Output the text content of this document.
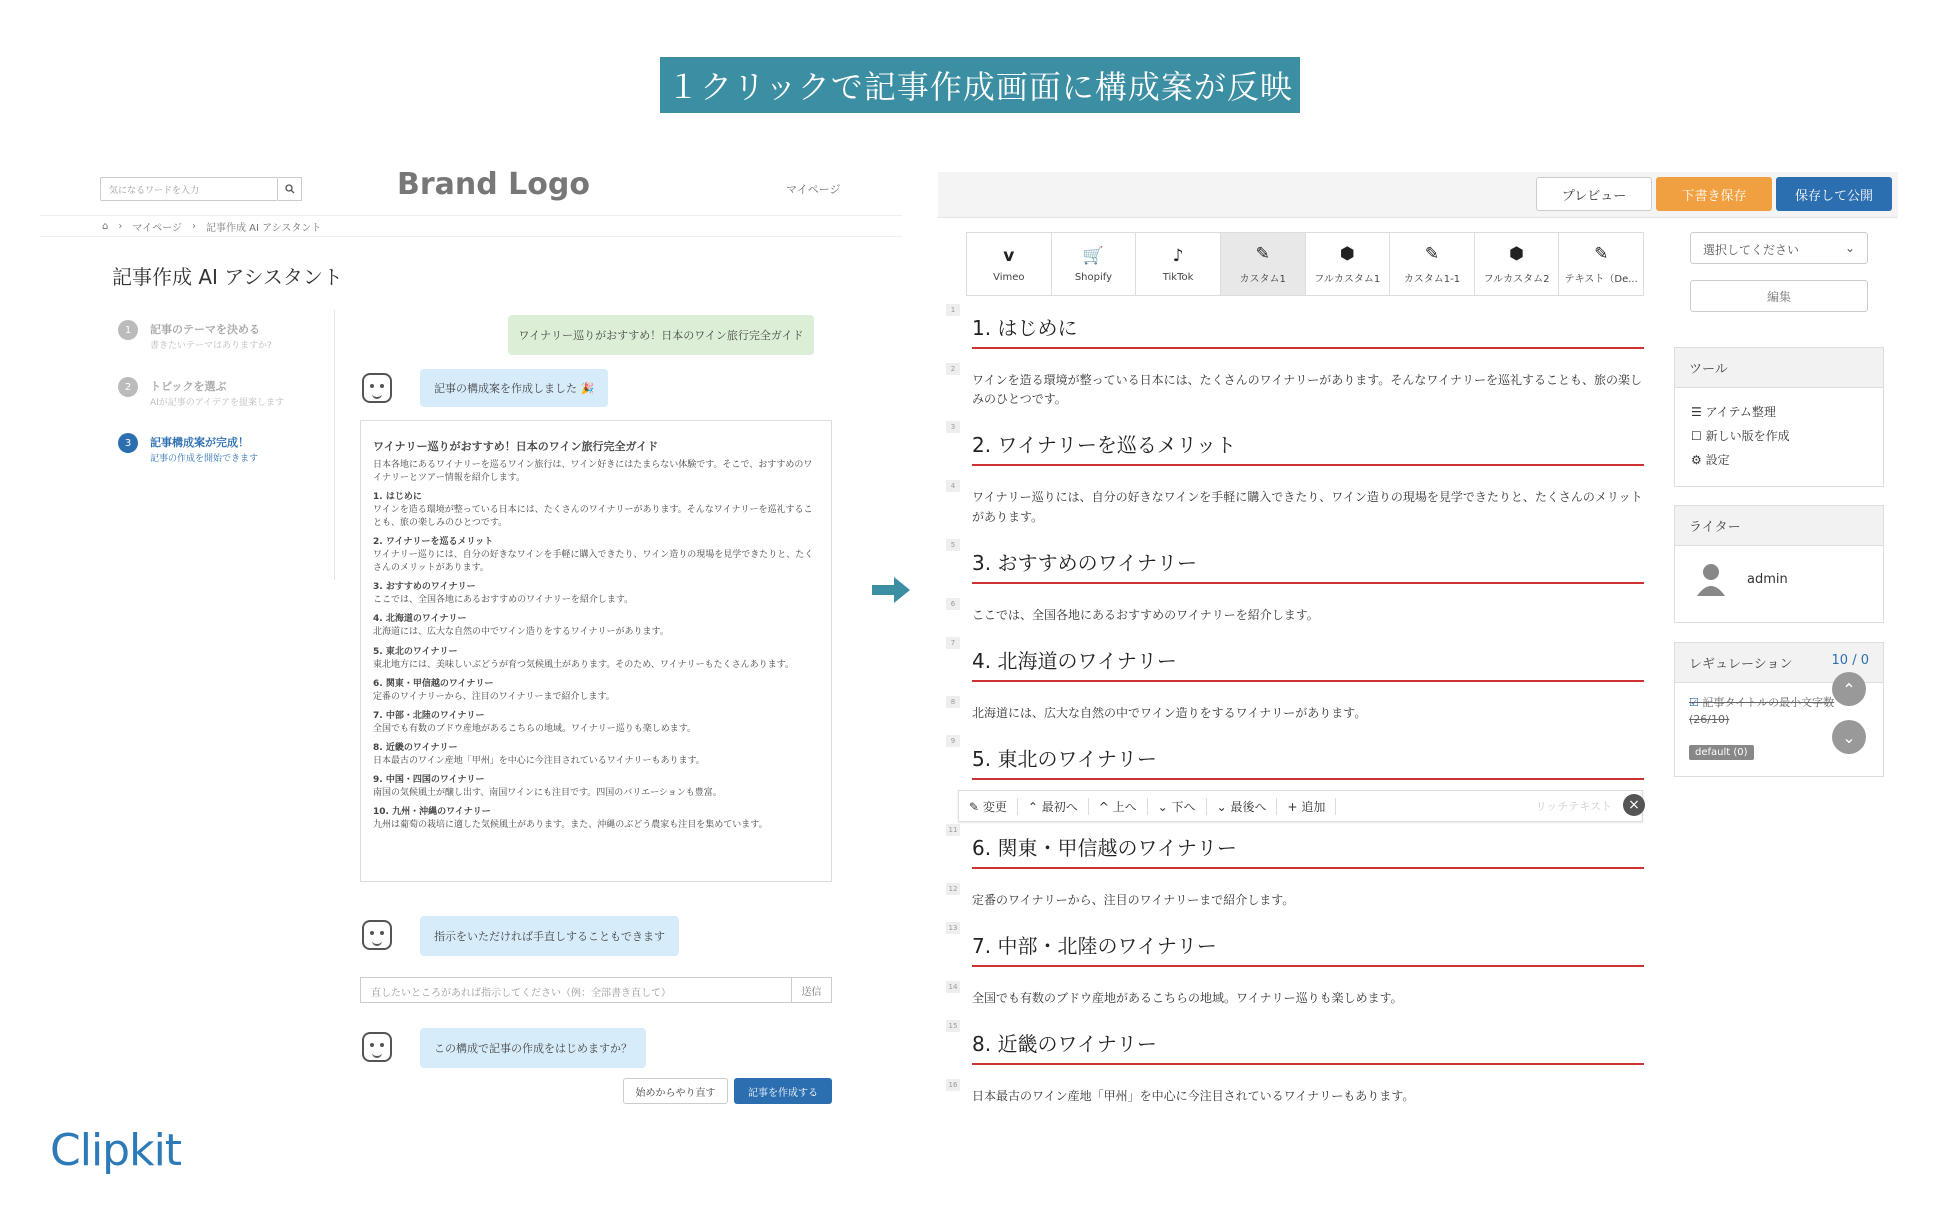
１クリックで記事作成画面に構成案が反映
気になるワードを入力	Brand Logo	マイページ
⌂ › マイページ › 記事作成 AI アシスタント
記事作成 AI アシスタント
1	記事のテーマを決める
書きたいテーマはありますか?
2	トピックを選ぶ
AIが記事のアイデアを提案します
3	記事構成案が完成！
記事の作成を開始できます
ワイナリー巡りがおすすめ！日本のワイン旅行完全ガイド
記事の構成案を作成しました 🎉
ワイナリー巡りがおすすめ！日本のワイン旅行完全ガイド
日本各地にあるワイナリーを巡るワイン旅行は、ワイン好きにはたまらない体験です。そこで、おすすめのワイナリーとツアー情報を紹介します。
1. はじめに
ワインを造る環境が整っている日本には、たくさんのワイナリーがあります。そんなワイナリーを巡礼することも、旅の楽しみのひとつです。
2. ワイナリーを巡るメリット
ワイナリー巡りには、自分の好きなワインを手軽に購入できたり、ワイン造りの現場を見学できたりと、たくさんのメリットがあります。
3. おすすめのワイナリー
ここでは、全国各地にあるおすすめのワイナリーを紹介します。
4. 北海道のワイナリー
北海道には、広大な自然の中でワイン造りをするワイナリーがあります。
5. 東北のワイナリー
東北地方には、美味しいぶどうが育つ気候風土があります。そのため、ワイナリーもたくさんあります。
6. 関東・甲信越のワイナリー
定番のワイナリーから、注目のワイナリーまで紹介します。
7. 中部・北陸のワイナリー
全国でも有数のブドウ産地があるこちらの地域。ワイナリー巡りも楽しめます。
8. 近畿のワイナリー
日本最古のワイン産地「甲州」を中心に今注目されているワイナリーもあります。
9. 中国・四国のワイナリー
南国の気候風土が醸し出す、南国ワインにも注目です。四国のバリエーションも豊富。
10. 九州・沖縄のワイナリー
九州は葡萄の栽培に適した気候風土があります。また、沖縄のぶどう農家も注目を集めています。
指示をいただければ手直しすることもできます
直したいところがあれば指示してください（例：全部書き直して）	送信
この構成で記事の作成をはじめますか？
始めからやり直す	記事を作成する
プレビュー	下書き保存	保存して公開
v
Vimeo
🛒
Shopify
♪
TikTok
✎
カスタム1
⬢
フルカスタム1
✎
カスタム1-1
⬢
フルカスタム2
✎
テキスト（De...
1
1. はじめに
2
ワインを造る環境が整っている日本には、たくさんのワイナリーがあります。そんなワイナリーを巡礼することも、旅の楽しみのひとつです。
3
2. ワイナリーを巡るメリット
4
ワイナリー巡りには、自分の好きなワインを手軽に購入できたり、ワイン造りの現場を見学できたりと、たくさんのメリットがあります。
5
3. おすすめのワイナリー
6
ここでは、全国各地にあるおすすめのワイナリーを紹介します。
7
4. 北海道のワイナリー
8
北海道には、広大な自然の中でワイン造りをするワイナリーがあります。
9
5. 東北のワイナリー
✎ 変更	⌃ 最初へ	^ 上へ	⌄ 下へ	⌄ 最後へ	+ 追加	リッチテキスト	×
11
6. 関東・甲信越のワイナリー
12
定番のワイナリーから、注目のワイナリーまで紹介します。
13
7. 中部・北陸のワイナリー
14
全国でも有数のブドウ産地があるこちらの地域。ワイナリー巡りも楽しめます。
15
8. 近畿のワイナリー
16
日本最古のワイン産地「甲州」を中心に今注目されているワイナリーもあります。
選択してください	⌄
編集
ツール
☰ アイテム整理
☐ 新しい版を作成
⚙ 設定
ライター
admin
レギュレーション	10 / 0
☑ 記事タイトルの最小文字数 (26/10)
default (0)
⌃
⌄
Clipkit
